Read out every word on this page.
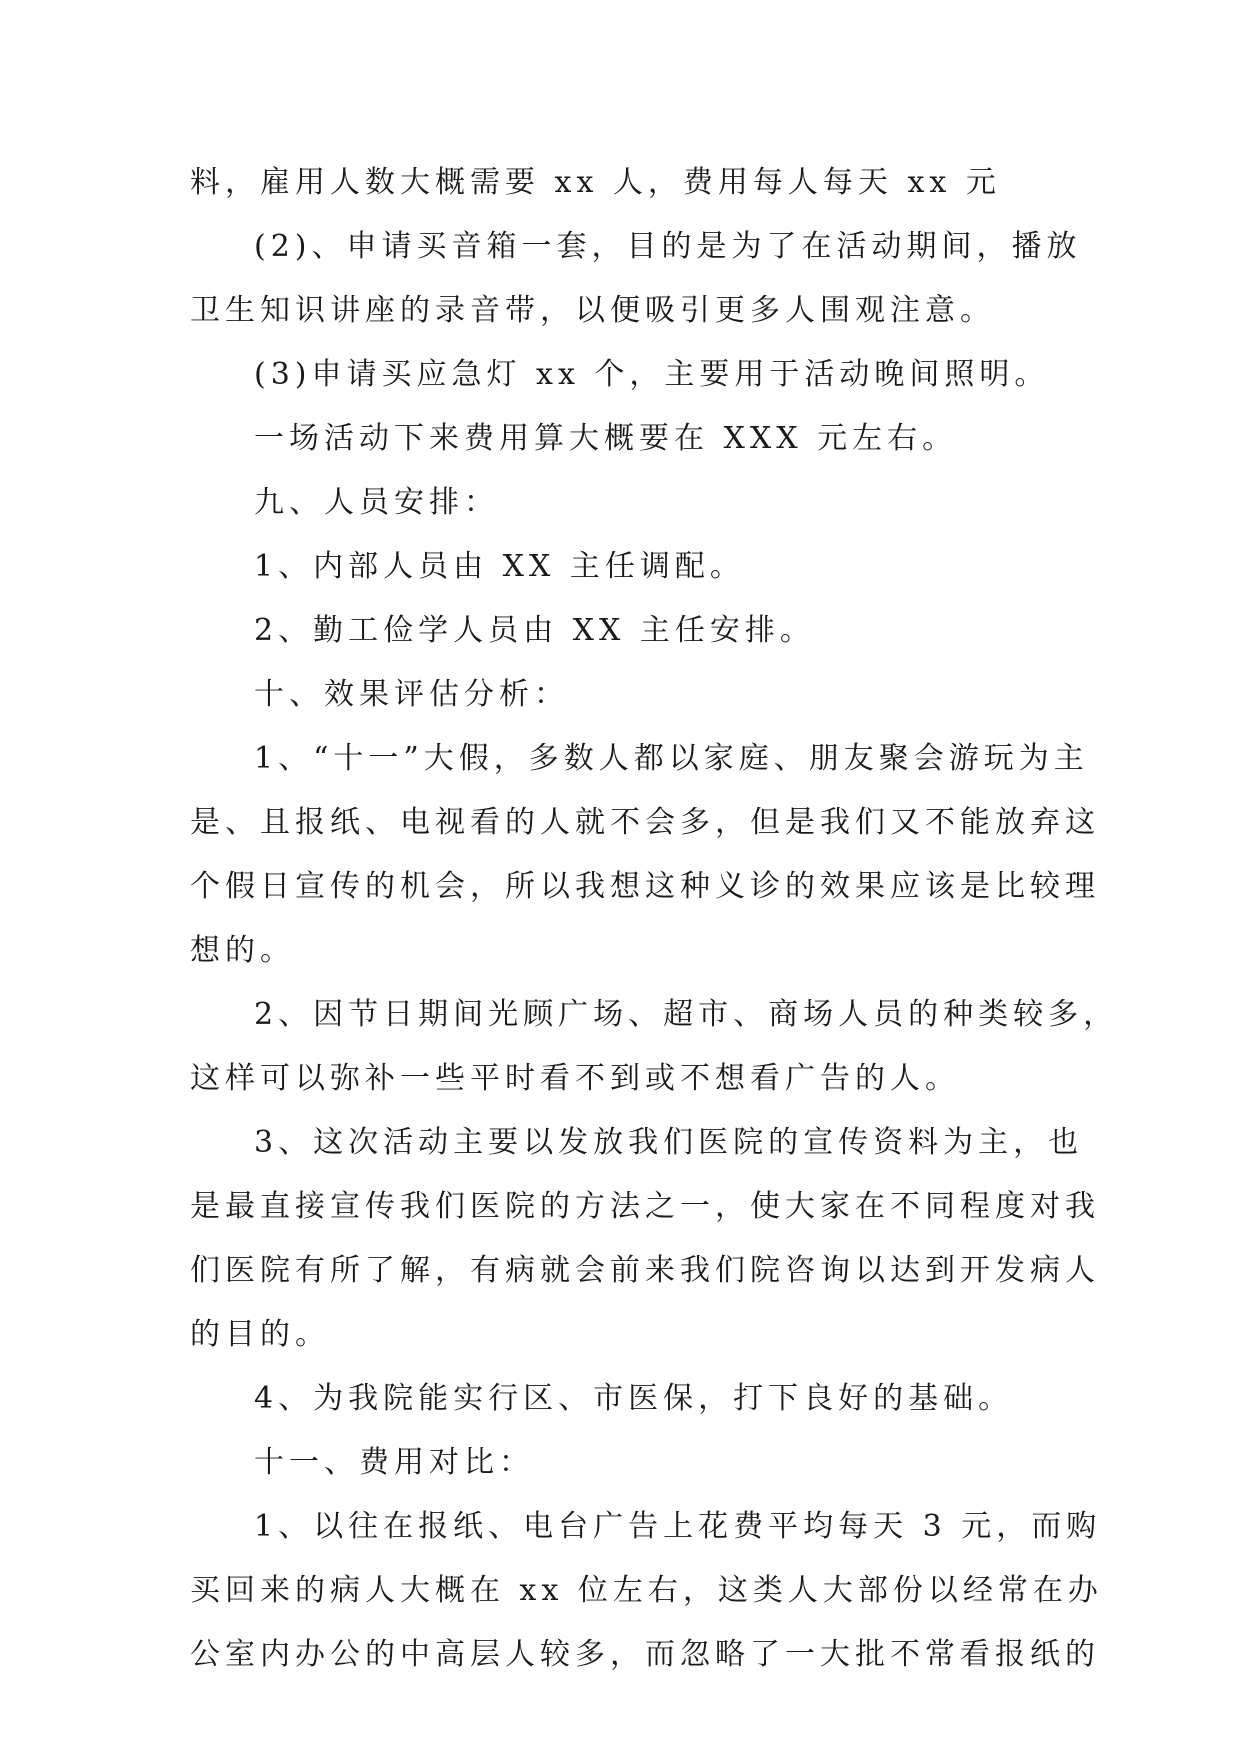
料，雇用人数大概需要 xx 人，费用每人每天 xx 元
(2)、申请买音箱一套，目的是为了在活动期间，播放
卫生知识讲座的录音带，以便吸引更多人围观注意。
(3)申请买应急灯 xx 个，主要用于活动晚间照明。
一场活动下来费用算大概要在 XXX 元左右。
九、人员安排：
1、内部人员由 XX 主任调配。
2、勤工俭学人员由 XX 主任安排。
十、效果评估分析：
1、“十一”大假，多数人都以家庭、朋友聚会游玩为主
是、且报纸、电视看的人就不会多，但是我们又不能放弃这
个假日宣传的机会，所以我想这种义诊的效果应该是比较理
想的。
2、因节日期间光顾广场、超市、商场人员的种类较多，
这样可以弥补一些平时看不到或不想看广告的人。
3、这次活动主要以发放我们医院的宣传资料为主，也
是最直接宣传我们医院的方法之一，使大家在不同程度对我
们医院有所了解，有病就会前来我们院咨询以达到开发病人
的目的。
4、为我院能实行区、市医保，打下良好的基础。
十一、费用对比：
1、以往在报纸、电台广告上花费平均每天 3 元，而购
买回来的病人大概在 xx 位左右，这类人大部份以经常在办
公室内办公的中高层人较多，而忽略了一大批不常看报纸的
